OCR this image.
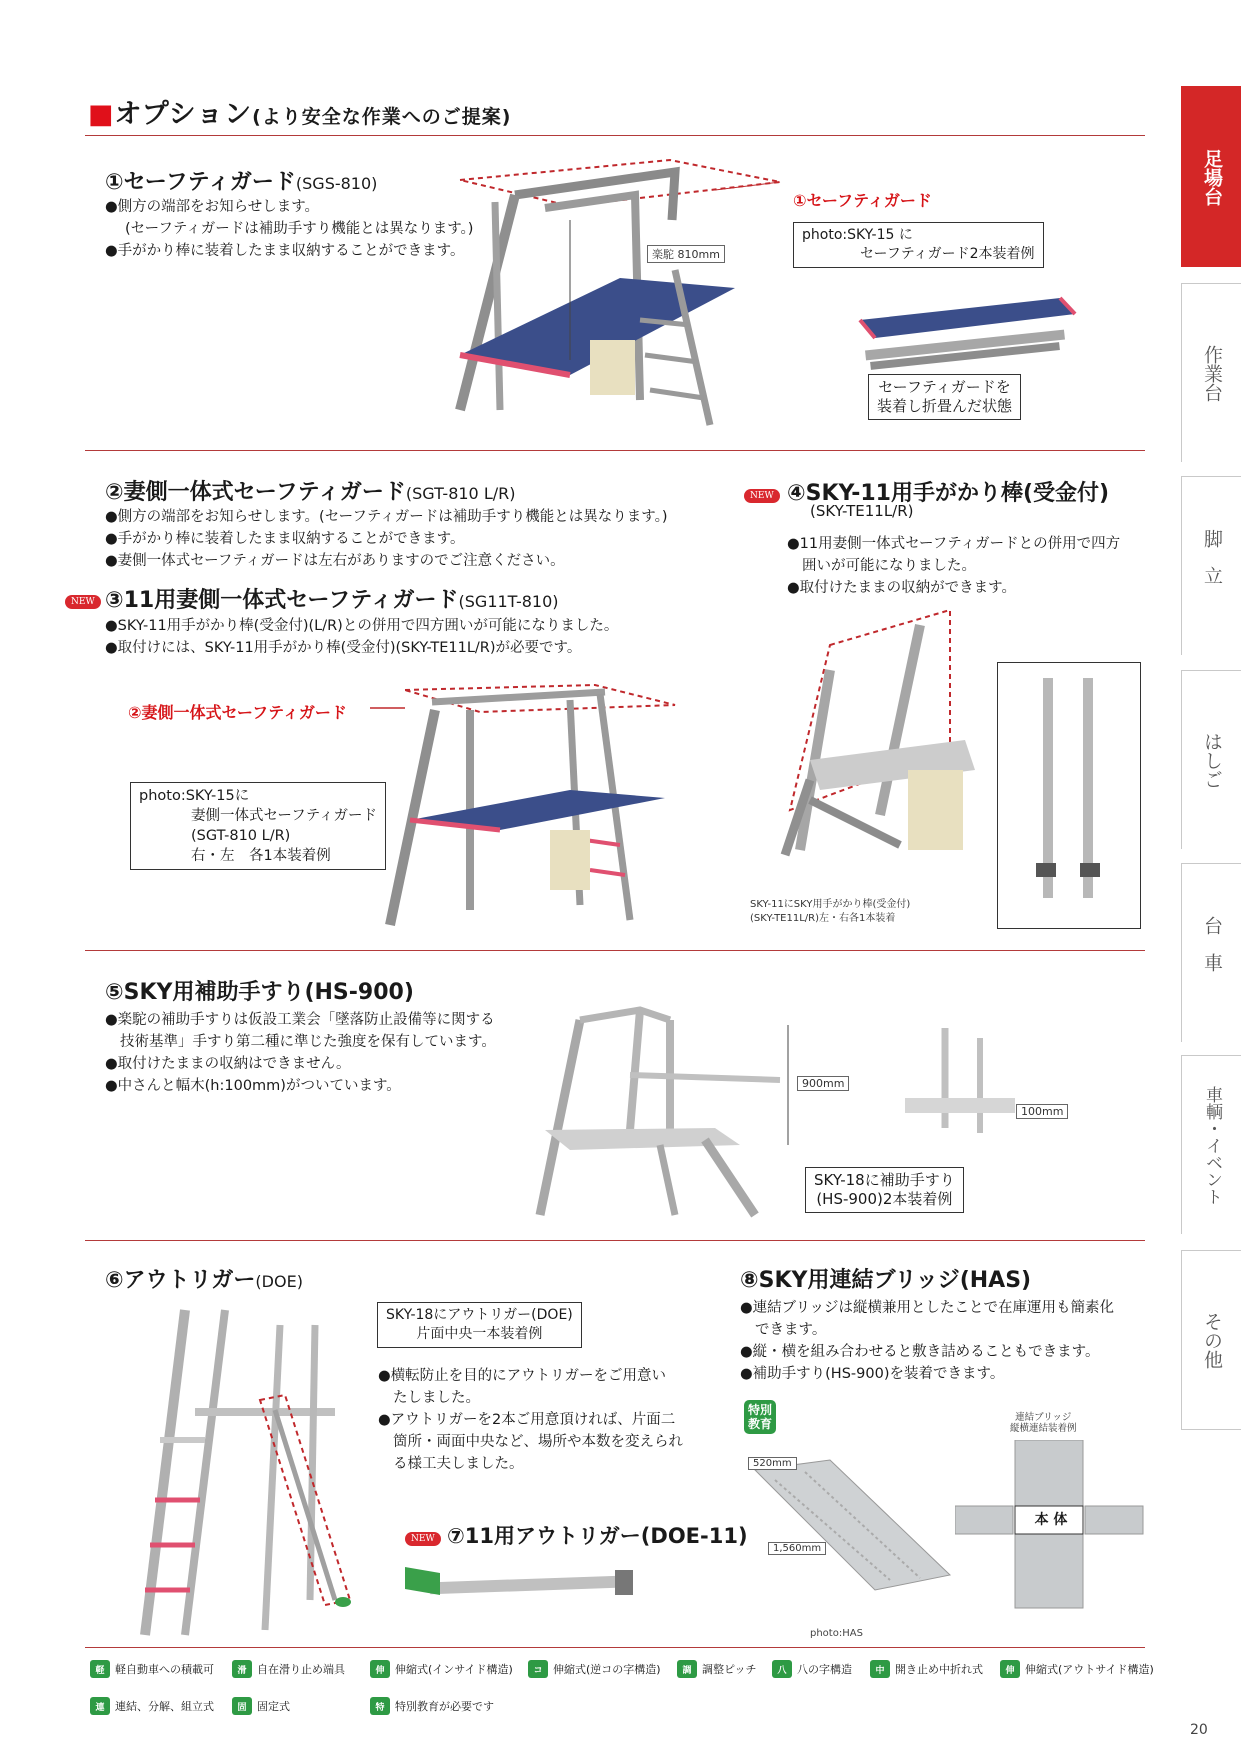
■オプション(より安全な作業へのご提案)
足場台
作業台
脚立
はしご
台車
車輌・イベント
その他
①セーフティガード(SGS-810)
●側方の端部をお知らせします。
(セーフティガードは補助手すり機能とは異なります。)
●手がかり棒に装着したまま収納することができます。	楽駝 810mm
①セーフティガード
photo:SKY-15 に
セーフティガード2本装着例
セーフティガードを
装着し折畳んだ状態
②妻側一体式セーフティガード(SGT-810 L/R)
●側方の端部をお知らせします。(セーフティガードは補助手すり機能とは異なります。)
●手がかり棒に装着したまま収納することができます。
●妻側一体式セーフティガードは左右がありますのでご注意ください。
NEW ③11用妻側一体式セーフティガード(SG11T-810)
●SKY-11用手がかり棒(受金付)(L/R)との併用で四方囲いが可能になりました。
●取付けには、SKY-11用手がかり棒(受金付)(SKY-TE11L/R)が必要です。
②妻側一体式セーフティガード
photo:SKY-15に
妻側一体式セーフティガード
(SGT-810 L/R)
右・左　各1本装着例
NEW ④SKY-11用手がかり棒(受金付)
(SKY-TE11L/R)
●11用妻側一体式セーフティガードとの併用で四方
囲いが可能になりました。
●取付けたままの収納ができます。
SKY-11にSKY用手がかり棒(受金付)
(SKY-TE11L/R)左・右各1本装着
⑤SKY用補助手すり(HS-900)
●楽駝の補助手すりは仮設工業会「墜落防止設備等に関する
技術基準」手すり第二種に準じた強度を保有しています。
●取付けたままの収納はできません。
●中さんと幅木(h:100mm)がついています。	900mm
100mm
SKY-18に補助手すり
(HS-900)2本装着例
⑥アウトリガー(DOE)
SKY-18にアウトリガー(DOE)
片面中央一本装着例
●横転防止を目的にアウトリガーをご用意い
たしました。
●アウトリガーを2本ご用意頂ければ、片面二
箇所・両面中央など、場所や本数を変えられ
る様工夫しました。
NEW ⑦11用アウトリガー(DOE-11)
⑧SKY用連結ブリッジ(HAS)
●連結ブリッジは縦横兼用としたことで在庫運用も簡素化
できます。
●縦・横を組み合わせると敷き詰めることもできます。
●補助手すり(HS-900)を装着できます。
特別
教育
520mm
1,560mm
photo:HAS
連結ブリッジ
縦横連結装着例
本 体
軽 軽自動車への積載可	滑 自在滑り止め端具	伸 伸縮式(インサイド構造)	コ 伸縮式(逆コの字構造)	調 調整ピッチ	八 八の字構造	中 開き止め中折れ式	伸 伸縮式(アウトサイド構造)
連 連結、分解、組立式	固 固定式	特 特別教育が必要です
20
